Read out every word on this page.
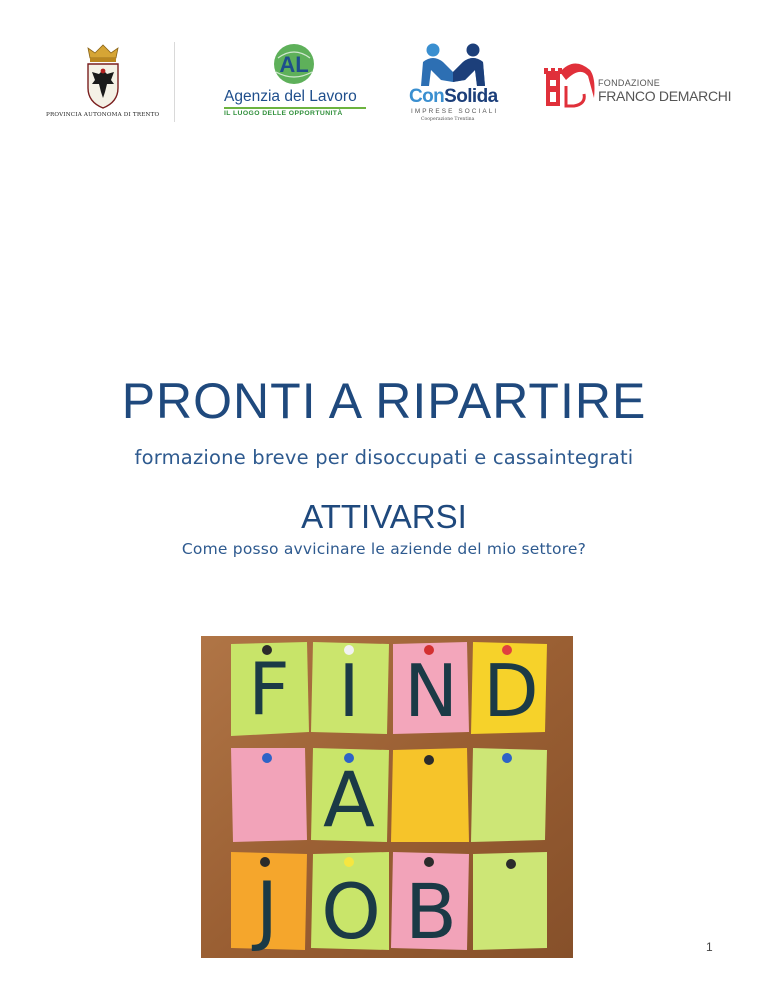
PROVINCIA AUTONOMA DI TRENTO
AL
Agenzia del Lavoro
IL LUOGO DELLE OPPORTUNITÀ
ConSolida
IMPRESE SOCIALI
Cooperazione Trentina
FONDAZIONE
FRANCO DEMARCHI
PRONTI A RIPARTIRE
formazione breve per disoccupati e cassaintegrati
ATTIVARSI
Come posso avvicinare le aziende del mio settore?
F I N D
A
J O B	1
